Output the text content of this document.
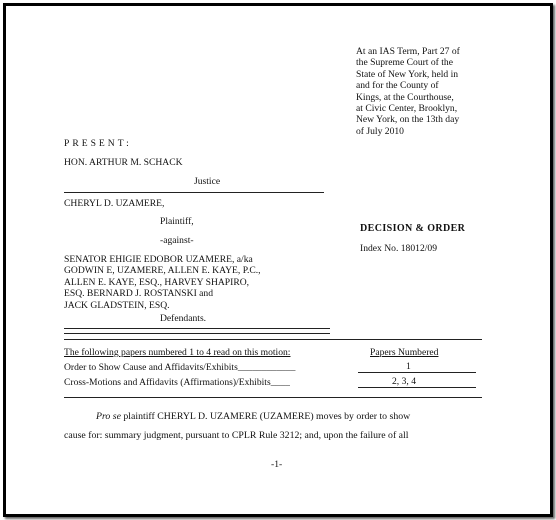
At an IAS Term, Part 27 of
the Supreme Court of the
State of New York, held in
and for the County of
Kings, at the Courthouse,
at Civic Center, Brooklyn,
New York, on the 13th day
of July 2010
PRESENT:
HON. ARTHUR M. SCHACK
Justice
CHERYL D. UZAMERE,
Plaintiff,
-against-
SENATOR EHIGIE EDOBOR UZAMERE, a/ka
GODWIN E, UZAMERE, ALLEN E. KAYE, P.C.,
ALLEN E. KAYE, ESQ., HARVEY SHAPIRO,
ESQ. BERNARD J. ROSTANSKI and
JACK GLADSTEIN, ESQ.
Defendants.
DECISION & ORDER
Index No. 18012/09
The following papers numbered 1 to 4 read on this motion:	Papers Numbered
Order to Show Cause and Affidavits/Exhibits____________	1
Cross-Motions and Affidavits (Affirmations)/Exhibits____	2, 3, 4
Pro se plaintiff CHERYL D. UZAMERE (UZAMERE) moves by order to show
cause for: summary judgment, pursuant to CPLR Rule 3212; and, upon the failure of all
-1-
